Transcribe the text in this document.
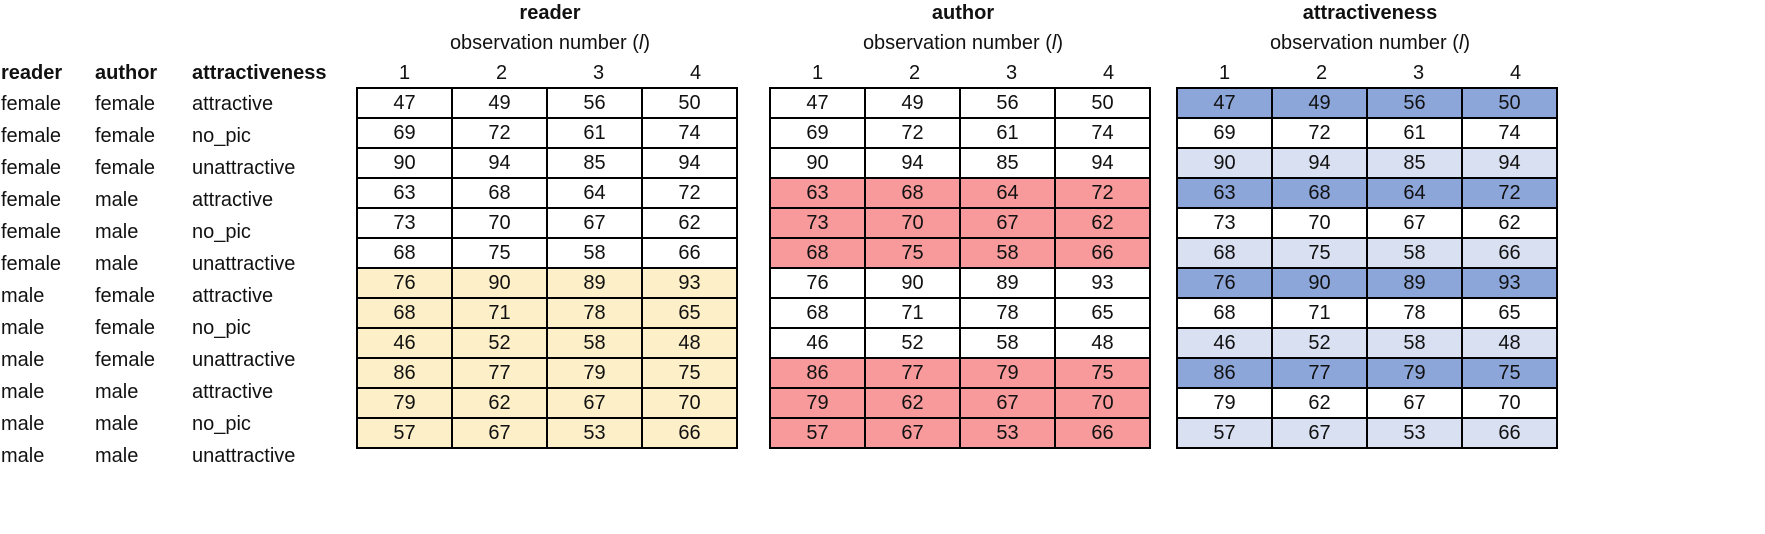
reader author attractiveness
reader
observation number (l)
1	2	3	4
47	49	56	50
69	72	61	74
90	94	85	94
63	68	64	72
73	70	67	62
68	75	58	66
76	90	89	93
68	71	78	65
46	52	58	48
86	77	79	75
79	62	67	70
57	67	53	66
author
observation number (l)
1	2	3	4
47	49	56	50
69	72	61	74
90	94	85	94
63	68	64	72
73	70	67	62
68	75	58	66
76	90	89	93
68	71	78	65
46	52	58	48
86	77	79	75
79	62	67	70
57	67	53	66
attractiveness
observation number (l)
1	2	3	4
47	49	56	50
69	72	61	74
90	94	85	94
63	68	64	72
73	70	67	62
68	75	58	66
76	90	89	93
68	71	78	65
46	52	58	48
86	77	79	75
79	62	67	70
57	67	53	66
female female attractive
female female no_pic
female female unattractive
female male	attractive
female male	no_pic
female male	unattractive
male	female attractive
male	female no_pic
male	female unattractive
male	male	attractive
male	male	no_pic
male	male	unattractive
